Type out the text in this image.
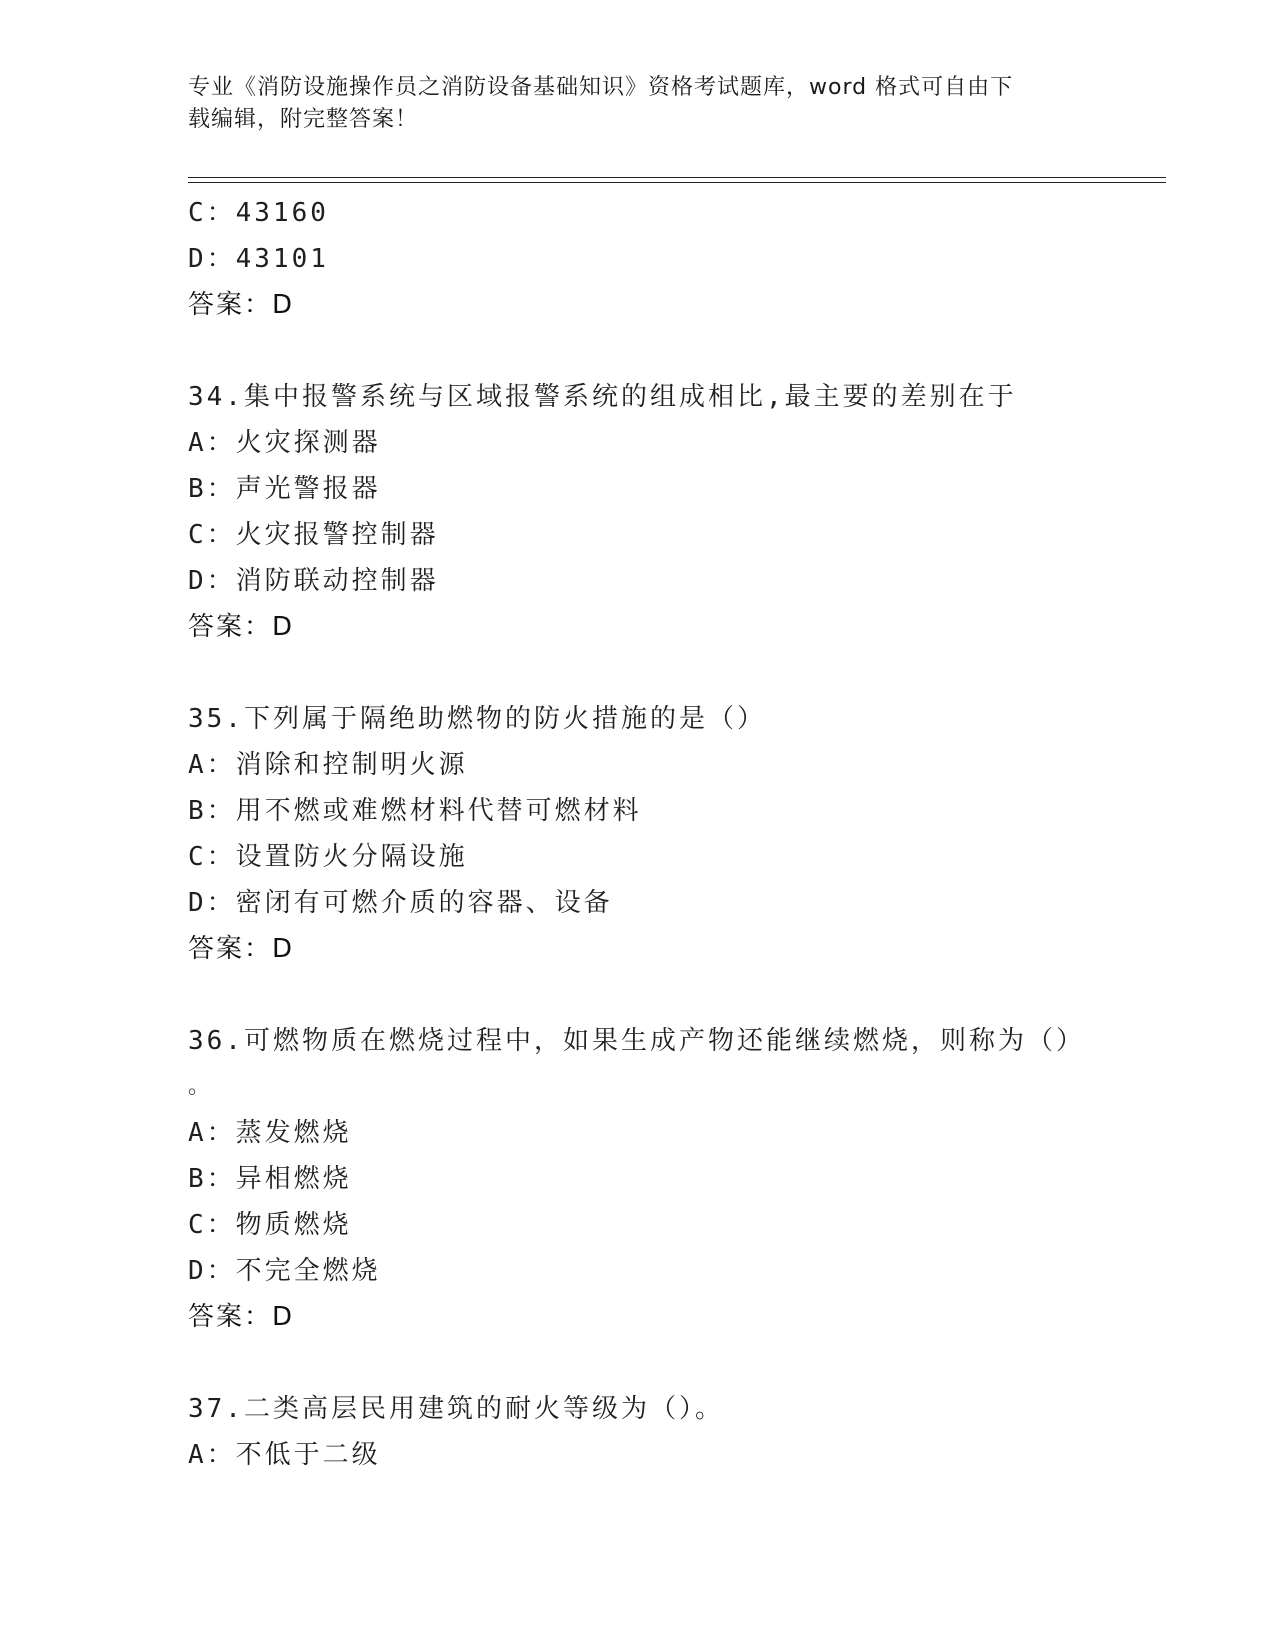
专业《消防设施操作员之消防设备基础知识》资格考试题库，word 格式可自由下
载编辑，附完整答案！
C：43160
D：43101
答案：D
34.集中报警系统与区域报警系统的组成相比,最主要的差别在于
A：火灾探测器
B：声光警报器
C：火灾报警控制器
D：消防联动控制器
答案：D
35.下列属于隔绝助燃物的防火措施的是（）
A：消除和控制明火源
B：用不燃或难燃材料代替可燃材料
C：设置防火分隔设施
D：密闭有可燃介质的容器、设备
答案：D
36.可燃物质在燃烧过程中，如果生成产物还能继续燃烧，则称为（）
。
A：蒸发燃烧
B：异相燃烧
C：物质燃烧
D：不完全燃烧
答案：D
37.二类高层民用建筑的耐火等级为（）。
A：不低于二级
